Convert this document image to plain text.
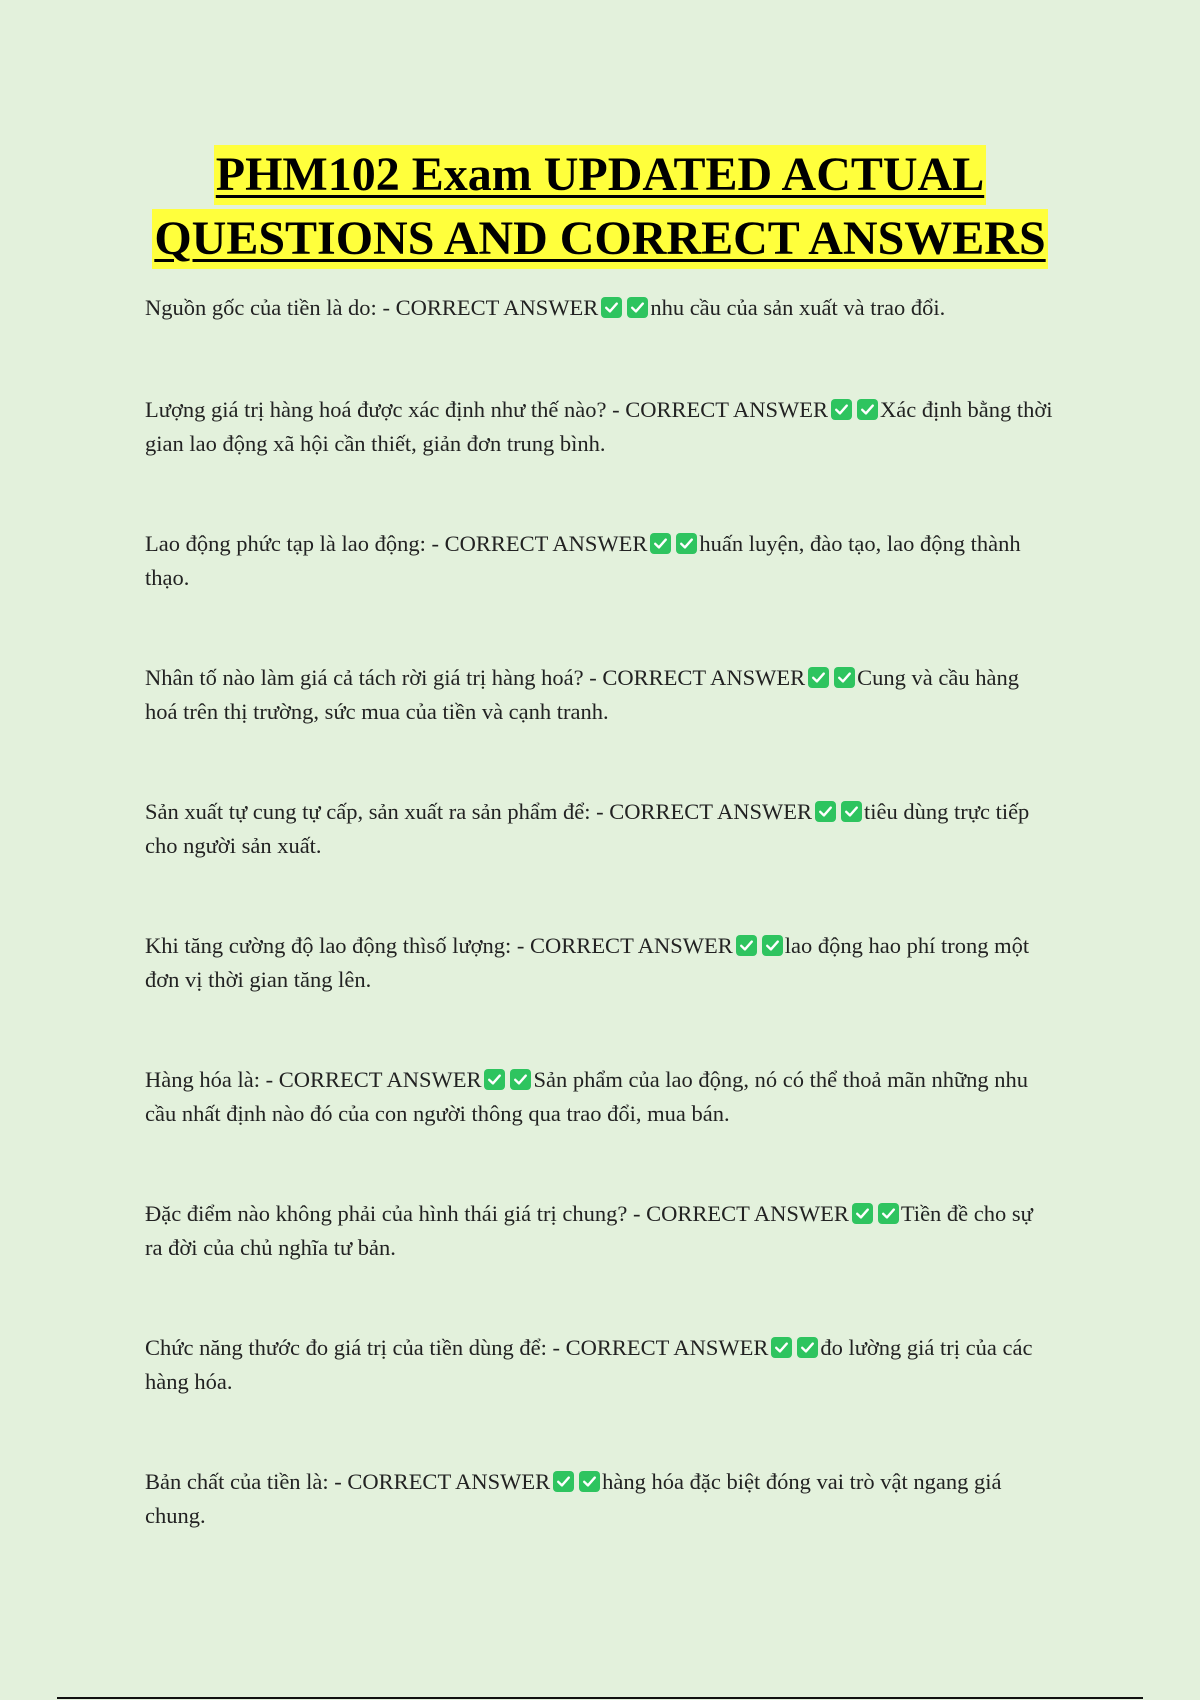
PHM102 Exam UPDATED ACTUAL
QUESTIONS AND CORRECT ANSWERS

Nguồn gốc của tiền là do: - CORRECT ANSWER nhu cầu của sản xuất và trao đổi.

Lượng giá trị hàng hoá được xác định như thế nào? - CORRECT ANSWER Xác định bằng thời gian lao động xã hội cần thiết, giản đơn trung bình.

Lao động phức tạp là lao động: - CORRECT ANSWER huấn luyện, đào tạo, lao động thành thạo.

Nhân tố nào làm giá cả tách rời giá trị hàng hoá? - CORRECT ANSWER Cung và cầu hàng hoá trên thị trường, sức mua của tiền và cạnh tranh.

Sản xuất tự cung tự cấp, sản xuất ra sản phẩm để: - CORRECT ANSWER tiêu dùng trực tiếp cho người sản xuất.

Khi tăng cường độ lao động thìsố lượng: - CORRECT ANSWER lao động hao phí trong một đơn vị thời gian tăng lên.

Hàng hóa là: - CORRECT ANSWER Sản phẩm của lao động, nó có thể thoả mãn những nhu cầu nhất định nào đó của con người thông qua trao đổi, mua bán.

Đặc điểm nào không phải của hình thái giá trị chung? - CORRECT ANSWER Tiền đề cho sự ra đời của chủ nghĩa tư bản.

Chức năng thước đo giá trị của tiền dùng để: - CORRECT ANSWER đo lường giá trị của các hàng hóa.

Bản chất của tiền là: - CORRECT ANSWER hàng hóa đặc biệt đóng vai trò vật ngang giá chung.
